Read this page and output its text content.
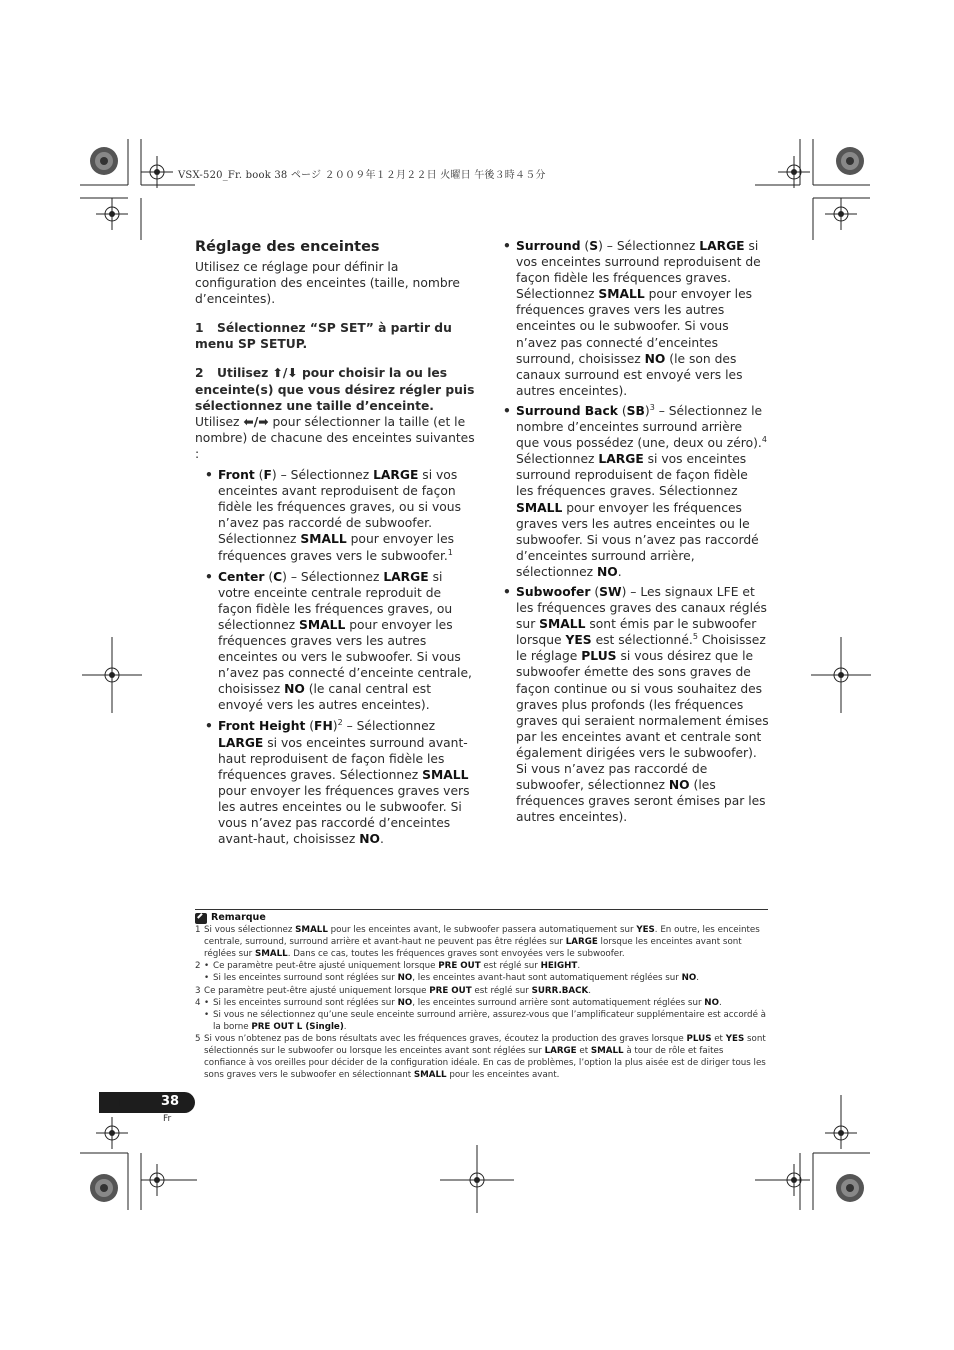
VSX-520_Fr. book 38 ページ ２００９年１２月２２日 火曜日 午後３時４５分
Réglage des enceintes

Utilisez ce réglage pour définir la configuration des enceintes (taille, nombre d’enceintes).

1 Sélectionnez “SP SET” à partir du menu SP SETUP.

2 Utilisez ⬆/⬇ pour choisir la ou les enceinte(s) que vous désirez régler puis sélectionnez une taille d’enceinte.

Utilisez ⬅/➡ pour sélectionner la taille (et le nombre) de chacune des enceintes suivantes :

• Front (F) – Sélectionnez LARGE si vos enceintes avant reproduisent de façon fidèle les fréquences graves, ou si vous n’avez pas raccordé de subwoofer. Sélectionnez SMALL pour envoyer les fréquences graves vers le subwoofer.$^1$
• Center (C) – Sélectionnez LARGE si votre enceinte centrale reproduit de façon fidèle les fréquences graves, ou sélectionnez SMALL pour envoyer les fréquences graves vers les autres enceintes ou vers le subwoofer. Si vous n’avez pas connecté d’enceinte centrale, choisissez NO (le canal central est envoyé vers les autres enceintes).
• Front Height (FH)$^2$ – Sélectionnez LARGE si vos enceintes surround avant-haut reproduisent de façon fidèle les fréquences graves. Sélectionnez SMALL pour envoyer les fréquences graves vers les autres enceintes ou le subwoofer. Si vous n’avez pas raccordé d’enceintes avant-haut, choisissez NO.
• Surround (S) – Sélectionnez LARGE si vos enceintes surround reproduisent de façon fidèle les fréquences graves. Sélectionnez SMALL pour envoyer les fréquences graves vers les autres enceintes ou le subwoofer. Si vous n’avez pas connecté d’enceintes surround, choisissez NO (le son des canaux surround est envoyé vers les autres enceintes).
• Surround Back (SB)$^3$ – Sélectionnez le nombre d’enceintes surround arrière que vous possédez (une, deux ou zéro).$^4$ Sélectionnez LARGE si vos enceintes surround reproduisent de façon fidèle les fréquences graves. Sélectionnez SMALL pour envoyer les fréquences graves vers les autres enceintes ou le subwoofer. Si vous n’avez pas raccordé d’enceintes surround arrière, sélectionnez NO.
• Subwoofer (SW) – Les signaux LFE et les fréquences graves des canaux réglés sur SMALL sont émis par le subwoofer lorsque YES est sélectionné.$^5$ Choisissez le réglage PLUS si vous désirez que le subwoofer émette des sons graves de façon continue ou si vous souhaitez des graves plus profonds (les fréquences graves qui seraient normalement émises par les enceintes avant et centrale sont également dirigées vers le subwoofer). Si vous n’avez pas raccordé de subwoofer, sélectionnez NO (les fréquences graves seront émises par les autres enceintes).
Remarque
1 Si vous sélectionnez SMALL pour les enceintes avant, le subwoofer passera automatiquement sur YES. En outre, les enceintes centrale, surround, surround arrière et avant-haut ne peuvent pas être réglées sur LARGE lorsque les enceintes avant sont réglées sur SMALL. Dans ce cas, toutes les fréquences graves sont envoyées vers le subwoofer.
2	• Ce paramètre peut-être ajusté uniquement lorsque PRE OUT est réglé sur HEIGHT.
• Si les enceintes surround sont réglées sur NO, les enceintes avant-haut sont automatiquement réglées sur NO.
3 Ce paramètre peut-être ajusté uniquement lorsque PRE OUT est réglé sur SURR.BACK.
4	• Si les enceintes surround sont réglées sur NO, les enceintes surround arrière sont automatiquement réglées sur NO.
• Si vous ne sélectionnez qu’une seule enceinte surround arrière, assurez-vous que l’amplificateur supplémentaire est accordé à la borne PRE OUT L (Single).
5 Si vous n’obtenez pas de bons résultats avec les fréquences graves, écoutez la production des graves lorsque PLUS et YES sont sélectionnés sur le subwoofer ou lorsque les enceintes avant sont réglées sur LARGE et SMALL à tour de rôle et faites confiance à vos oreilles pour décider de la configuration idéale. En cas de problèmes, l’option la plus aisée est de diriger tous les sons graves vers le subwoofer en sélectionnant SMALL pour les enceintes avant.
38
Fr
